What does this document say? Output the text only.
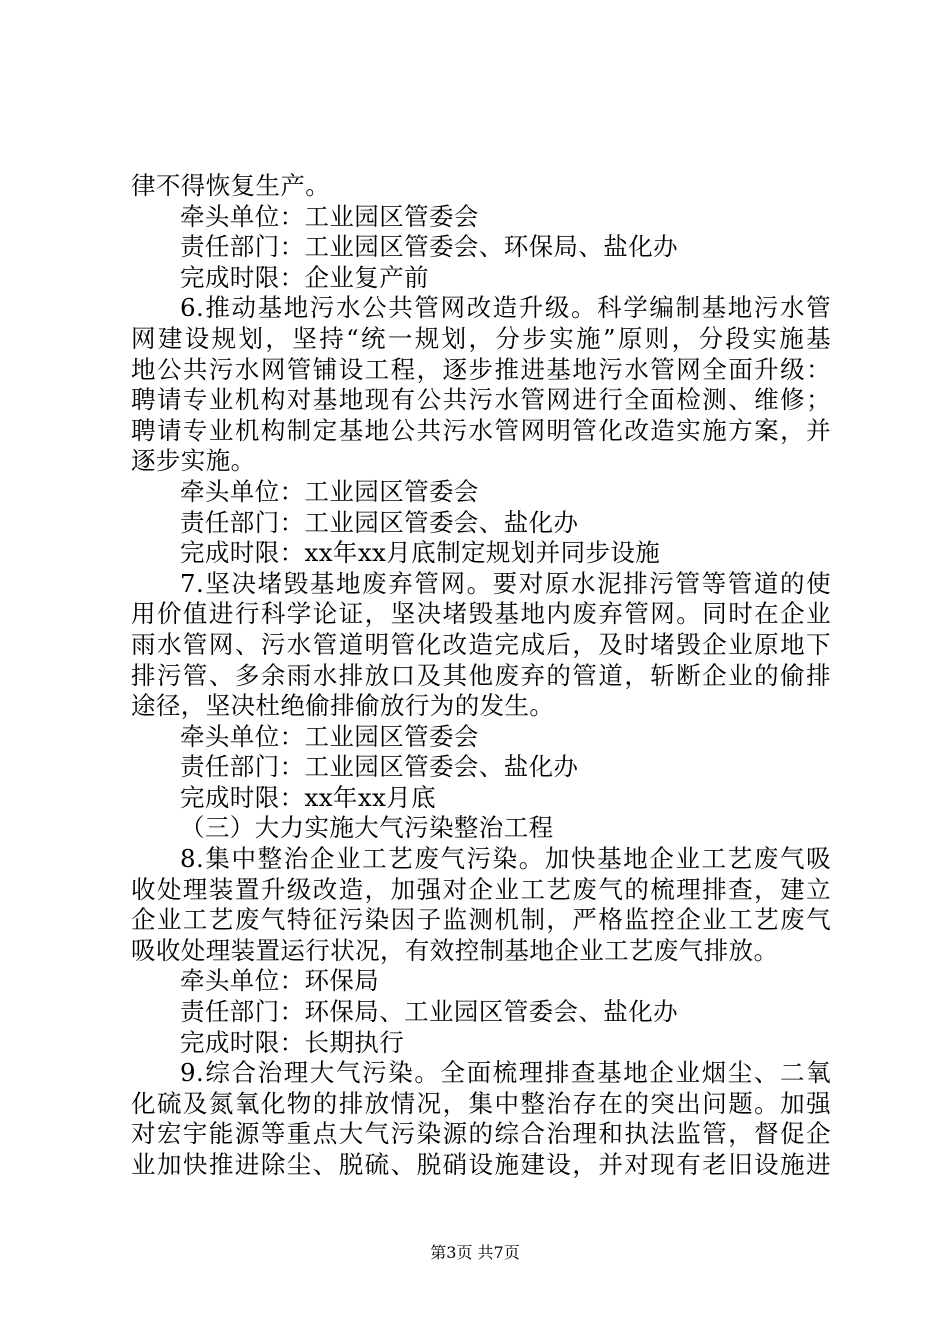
律不得恢复生产。
牵头单位：工业园区管委会
责任部门：工业园区管委会、环保局、盐化办
完成时限：企业复产前
6.推动基地污水公共管网改造升级。科学编制基地污水管
网建设规划，坚持“统一规划，分步实施”原则，分段实施基
地公共污水网管铺设工程，逐步推进基地污水管网全面升级：
聘请专业机构对基地现有公共污水管网进行全面检测、维修；
聘请专业机构制定基地公共污水管网明管化改造实施方案，并
逐步实施。
牵头单位：工业园区管委会
责任部门：工业园区管委会、盐化办
完成时限：xx年xx月底制定规划并同步设施
7.坚决堵毁基地废弃管网。要对原水泥排污管等管道的使
用价值进行科学论证，坚决堵毁基地内废弃管网。同时在企业
雨水管网、污水管道明管化改造完成后，及时堵毁企业原地下
排污管、多余雨水排放口及其他废弃的管道，斩断企业的偷排
途径，坚决杜绝偷排偷放行为的发生。
牵头单位：工业园区管委会
责任部门：工业园区管委会、盐化办
完成时限：xx年xx月底
（三）大力实施大气污染整治工程
8.集中整治企业工艺废气污染。加快基地企业工艺废气吸
收处理装置升级改造，加强对企业工艺废气的梳理排查，建立
企业工艺废气特征污染因子监测机制，严格监控企业工艺废气
吸收处理装置运行状况，有效控制基地企业工艺废气排放。
牵头单位：环保局
责任部门：环保局、工业园区管委会、盐化办
完成时限：长期执行
9.综合治理大气污染。全面梳理排查基地企业烟尘、二氧
化硫及氮氧化物的排放情况，集中整治存在的突出问题。加强
对宏宇能源等重点大气污染源的综合治理和执法监管，督促企
业加快推进除尘、脱硫、脱硝设施建设，并对现有老旧设施进
第3页 共7页
